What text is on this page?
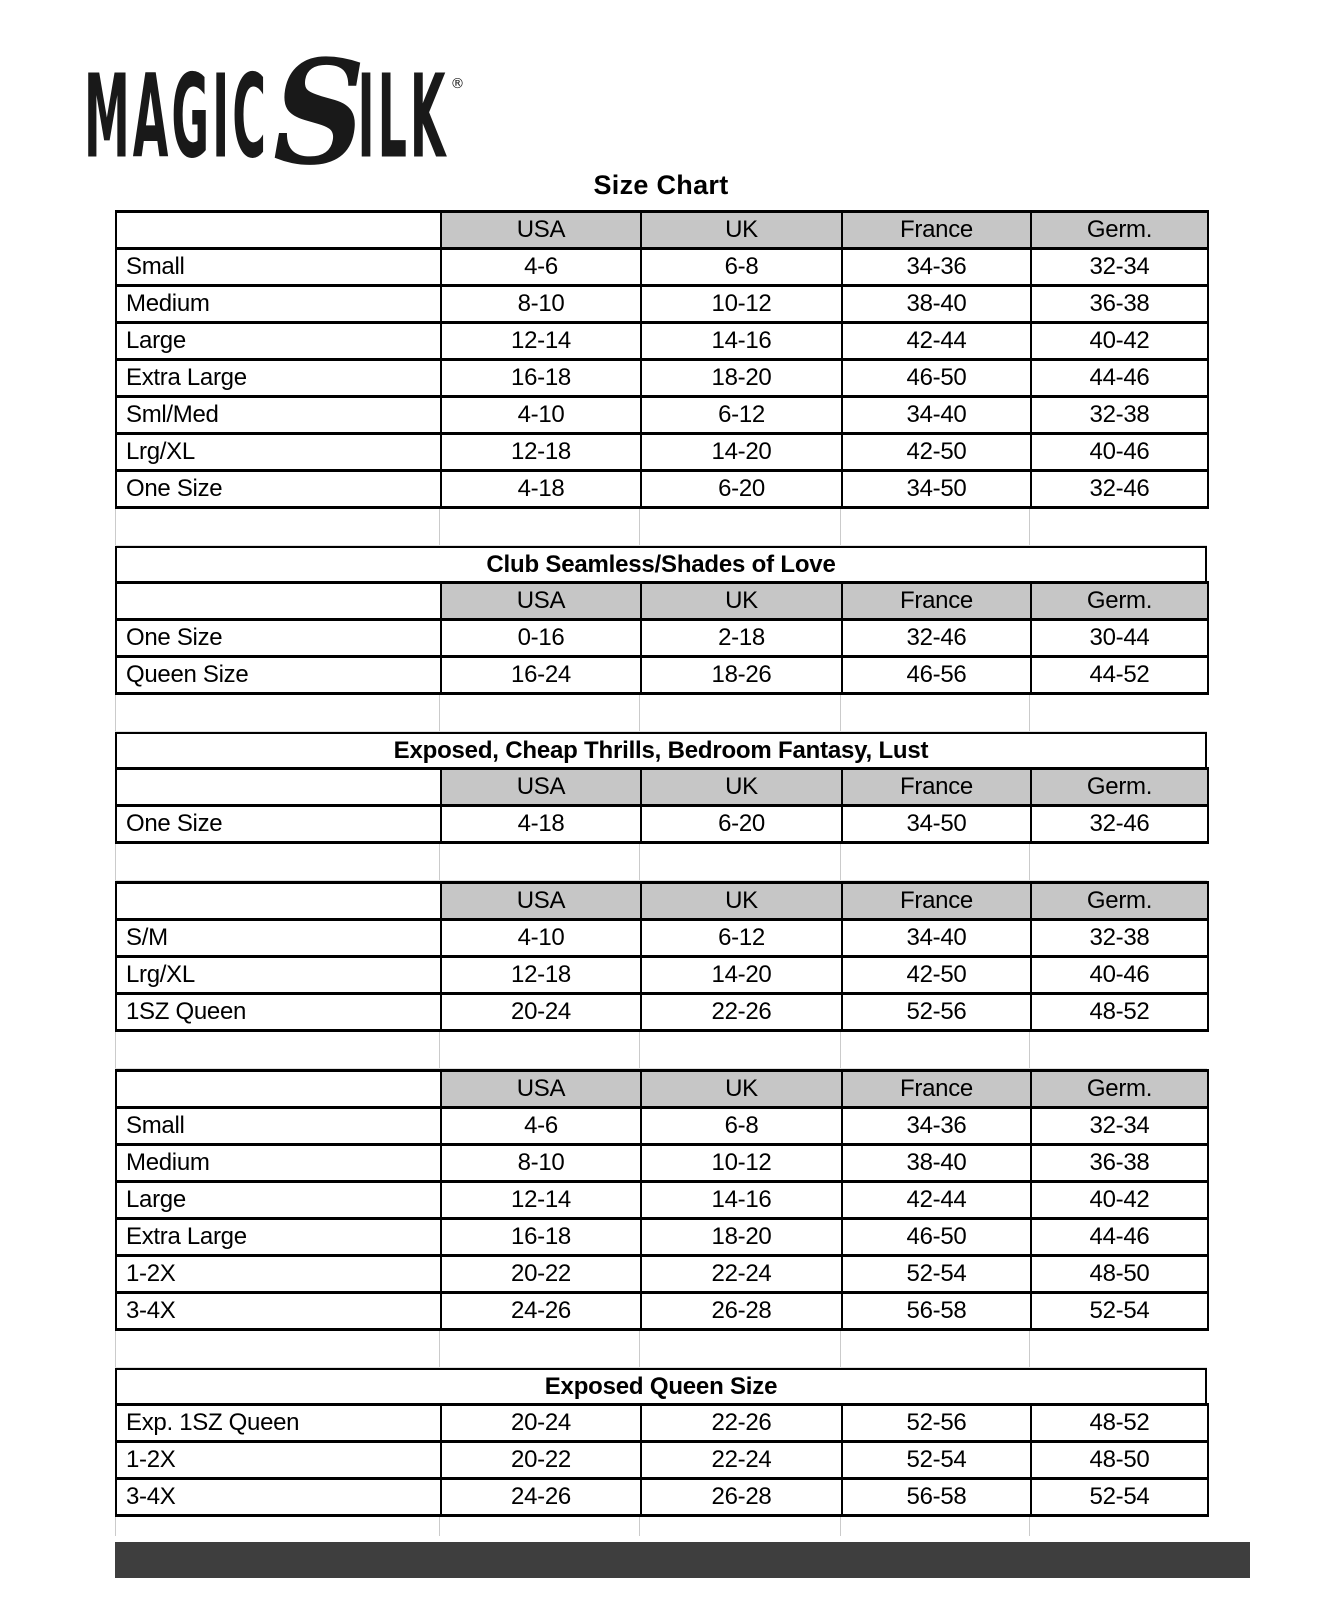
MAGIC S
ILK ®
Size Chart
	USA	UK	France	Germ.
Small	4-6	6-8	34-36	32-34
Medium	8-10	10-12	38-40	36-38
Large	12-14	14-16	42-44	40-42
Extra Large	16-18	18-20	46-50	44-46
Sml/Med	4-10	6-12	34-40	32-38
Lrg/XL	12-18	14-20	42-50	40-46
One Size	4-18	6-20	34-50	32-46
Club Seamless/Shades of Love
	USA	UK	France	Germ.
One Size	0-16	2-18	32-46	30-44
Queen Size	16-24	18-26	46-56	44-52
Exposed, Cheap Thrills, Bedroom Fantasy, Lust
	USA	UK	France	Germ.
One Size	4-18	6-20	34-50	32-46
	USA	UK	France	Germ.
S/M	4-10	6-12	34-40	32-38
Lrg/XL	12-18	14-20	42-50	40-46
1SZ Queen	20-24	22-26	52-56	48-52
	USA	UK	France	Germ.
Small	4-6	6-8	34-36	32-34
Medium	8-10	10-12	38-40	36-38
Large	12-14	14-16	42-44	40-42
Extra Large	16-18	18-20	46-50	44-46
1-2X	20-22	22-24	52-54	48-50
3-4X	24-26	26-28	56-58	52-54
Exposed Queen Size
Exp. 1SZ Queen	20-24	22-26	52-56	48-52
1-2X	20-22	22-24	52-54	48-50
3-4X	24-26	26-28	56-58	52-54
